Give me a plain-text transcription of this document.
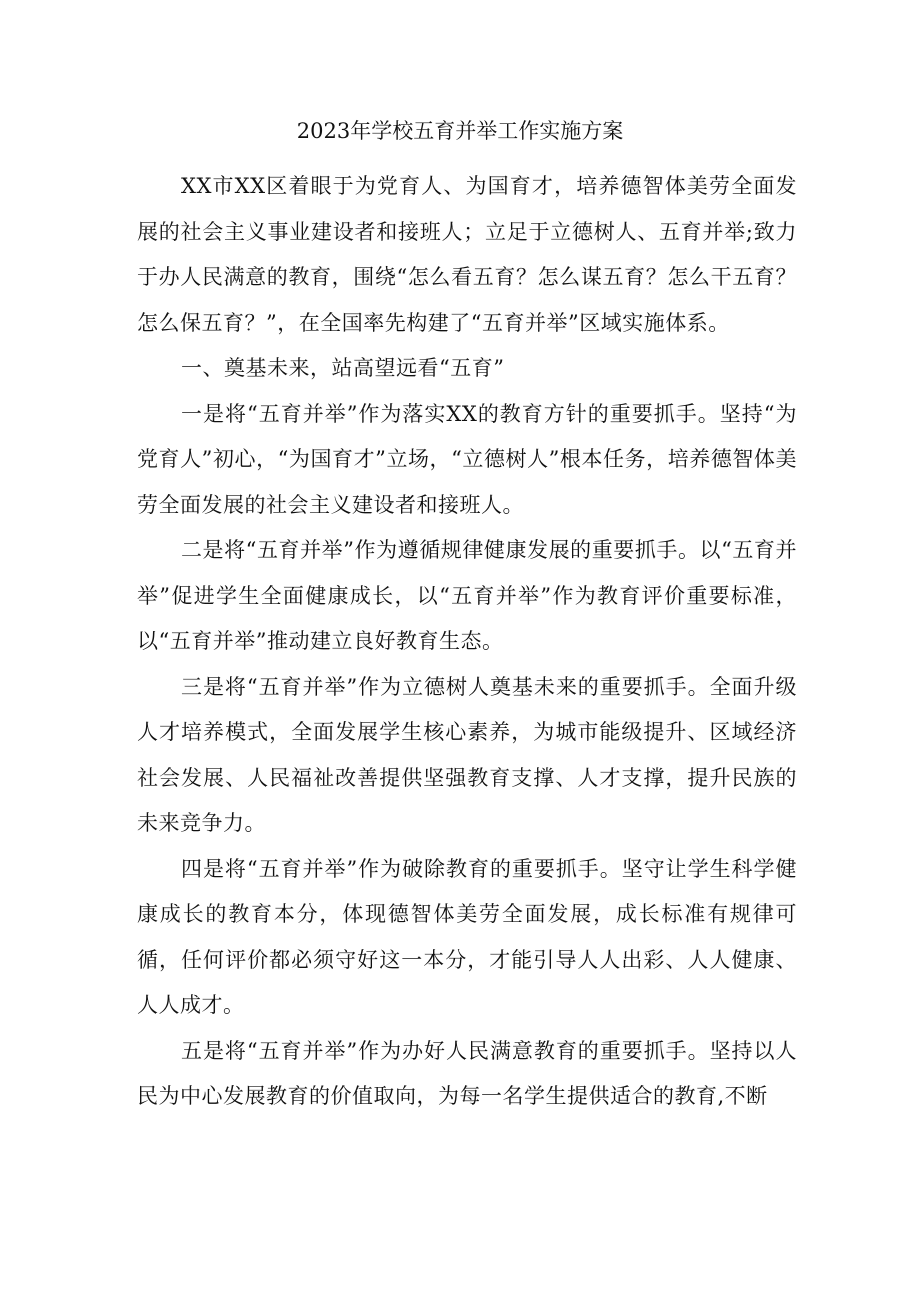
2023年学校五育并举工作实施方案

XX市XX区着眼于为党育人、为国育才，培养德智体美劳全面发展的社会主义事业建设者和接班人；立足于立德树人、五育并举;致力于办人民满意的教育，围绕“怎么看五育？怎么谋五育？怎么干五育？怎么保五育？”，在全国率先构建了“五育并举”区域实施体系。

一、奠基未来，站高望远看“五育”

一是将“五育并举”作为落实XX的教育方针的重要抓手。坚持“为党育人”初心，“为国育才”立场，“立德树人”根本任务，培养德智体美劳全面发展的社会主义建设者和接班人。

二是将“五育并举”作为遵循规律健康发展的重要抓手。以“五育并举”促进学生全面健康成长，以“五育并举”作为教育评价重要标准，以“五育并举”推动建立良好教育生态。

三是将“五育并举”作为立德树人奠基未来的重要抓手。全面升级人才培养模式，全面发展学生核心素养，为城市能级提升、区域经济社会发展、人民福祉改善提供坚强教育支撑、人才支撑，提升民族的未来竞争力。

四是将“五育并举”作为破除教育的重要抓手。坚守让学生科学健康成长的教育本分，体现德智体美劳全面发展，成长标准有规律可循，任何评价都必须守好这一本分，才能引导人人出彩、人人健康、人人成才。

五是将“五育并举”作为办好人民满意教育的重要抓手。坚持以人民为中心发展教育的价值取向，为每一名学生提供适合的教育,不断
